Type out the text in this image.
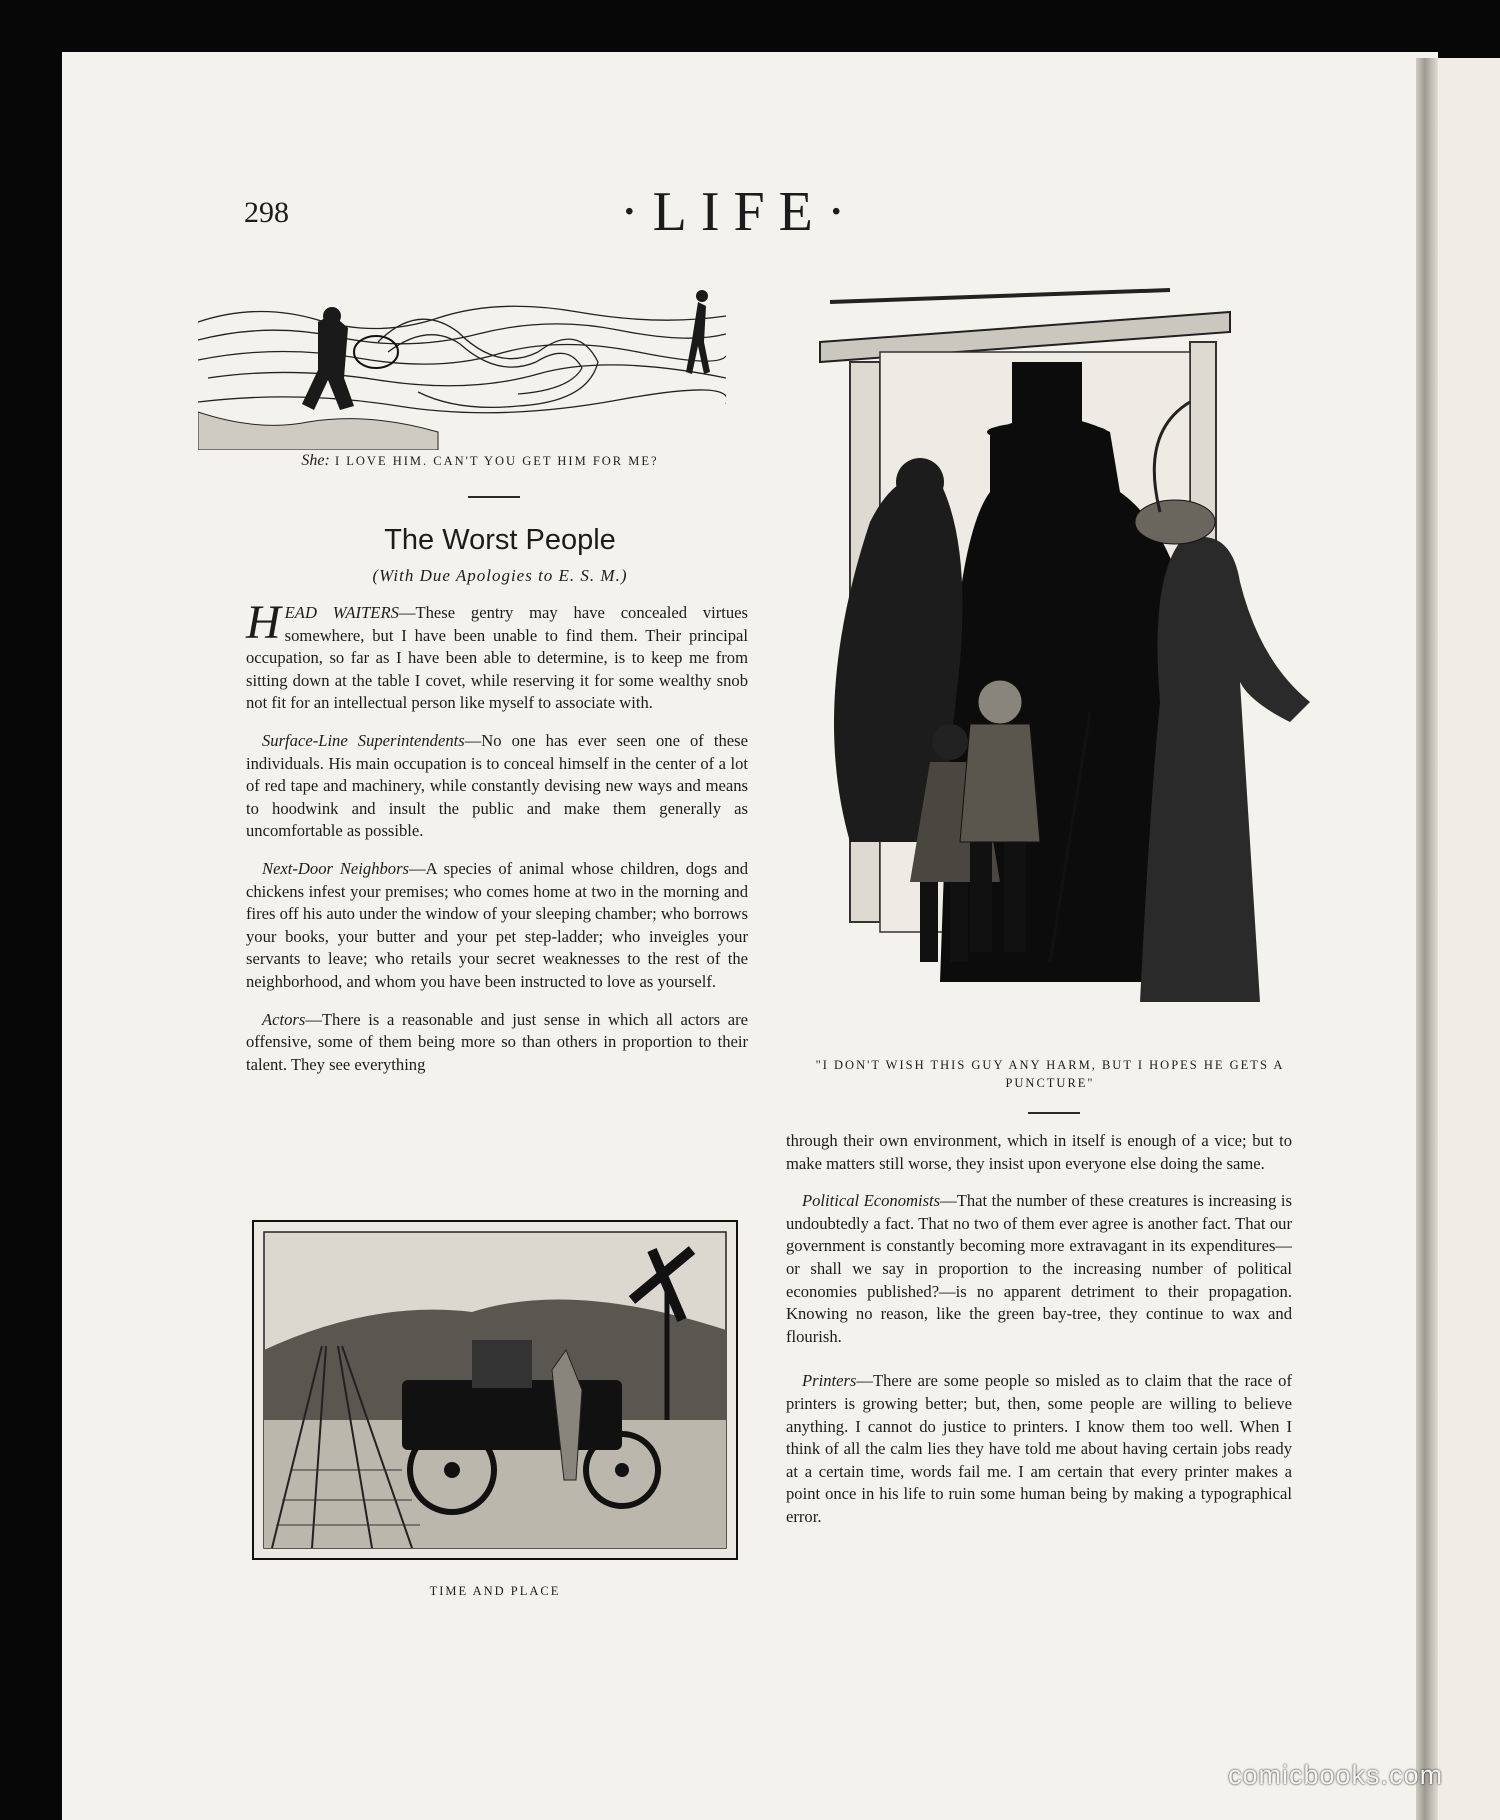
298	·LIFE·
She: I LOVE HIM. CAN'T YOU GET HIM FOR ME?
The Worst People
(With Due Apologies to E. S. M.)

HEAD WAITERS—These gentry may have concealed virtues somewhere, but I have been unable to find them. Their principal occupation, so far as I have been able to determine, is to keep me from sitting down at the table I covet, while reserving it for some wealthy snob not fit for an intellectual person like myself to associate with.

Surface-Line Superintendents—No one has ever seen one of these individuals. His main occupation is to conceal himself in the center of a lot of red tape and machinery, while constantly devising new ways and means to hoodwink and insult the public and make them generally as uncomfortable as possible.

Next-Door Neighbors—A species of animal whose children, dogs and chickens infest your premises; who comes home at two in the morning and fires off his auto under the window of your sleeping chamber; who borrows your books, your butter and your pet step-ladder; who inveigles your servants to leave; who retails your secret weaknesses to the rest of the neighborhood, and whom you have been instructed to love as yourself.

Actors—There is a reasonable and just sense in which all actors are offensive, some of them being more so than others in proportion to their talent. They see everything

TIME AND PLACE
"I DON'T WISH THIS GUY ANY HARM, BUT I HOPES HE GETS A PUNCTURE"

through their own environment, which in itself is enough of a vice; but to make matters still worse, they insist upon everyone else doing the same.

Political Economists—That the number of these creatures is increasing is undoubtedly a fact. That no two of them ever agree is another fact. That our government is constantly becoming more extravagant in its expenditures—or shall we say in proportion to the increasing number of political economies published?—is no apparent detriment to their propagation. Knowing no reason, like the green bay-tree, they continue to wax and flourish.

Printers—There are some people so misled as to claim that the race of printers is growing better; but, then, some people are willing to believe anything. I cannot do justice to printers. I know them too well. When I think of all the calm lies they have told me about having certain jobs ready at a certain time, words fail me. I am certain that every printer makes a point once in his life to ruin some human being by making a typographical error.

comicbooks.com
